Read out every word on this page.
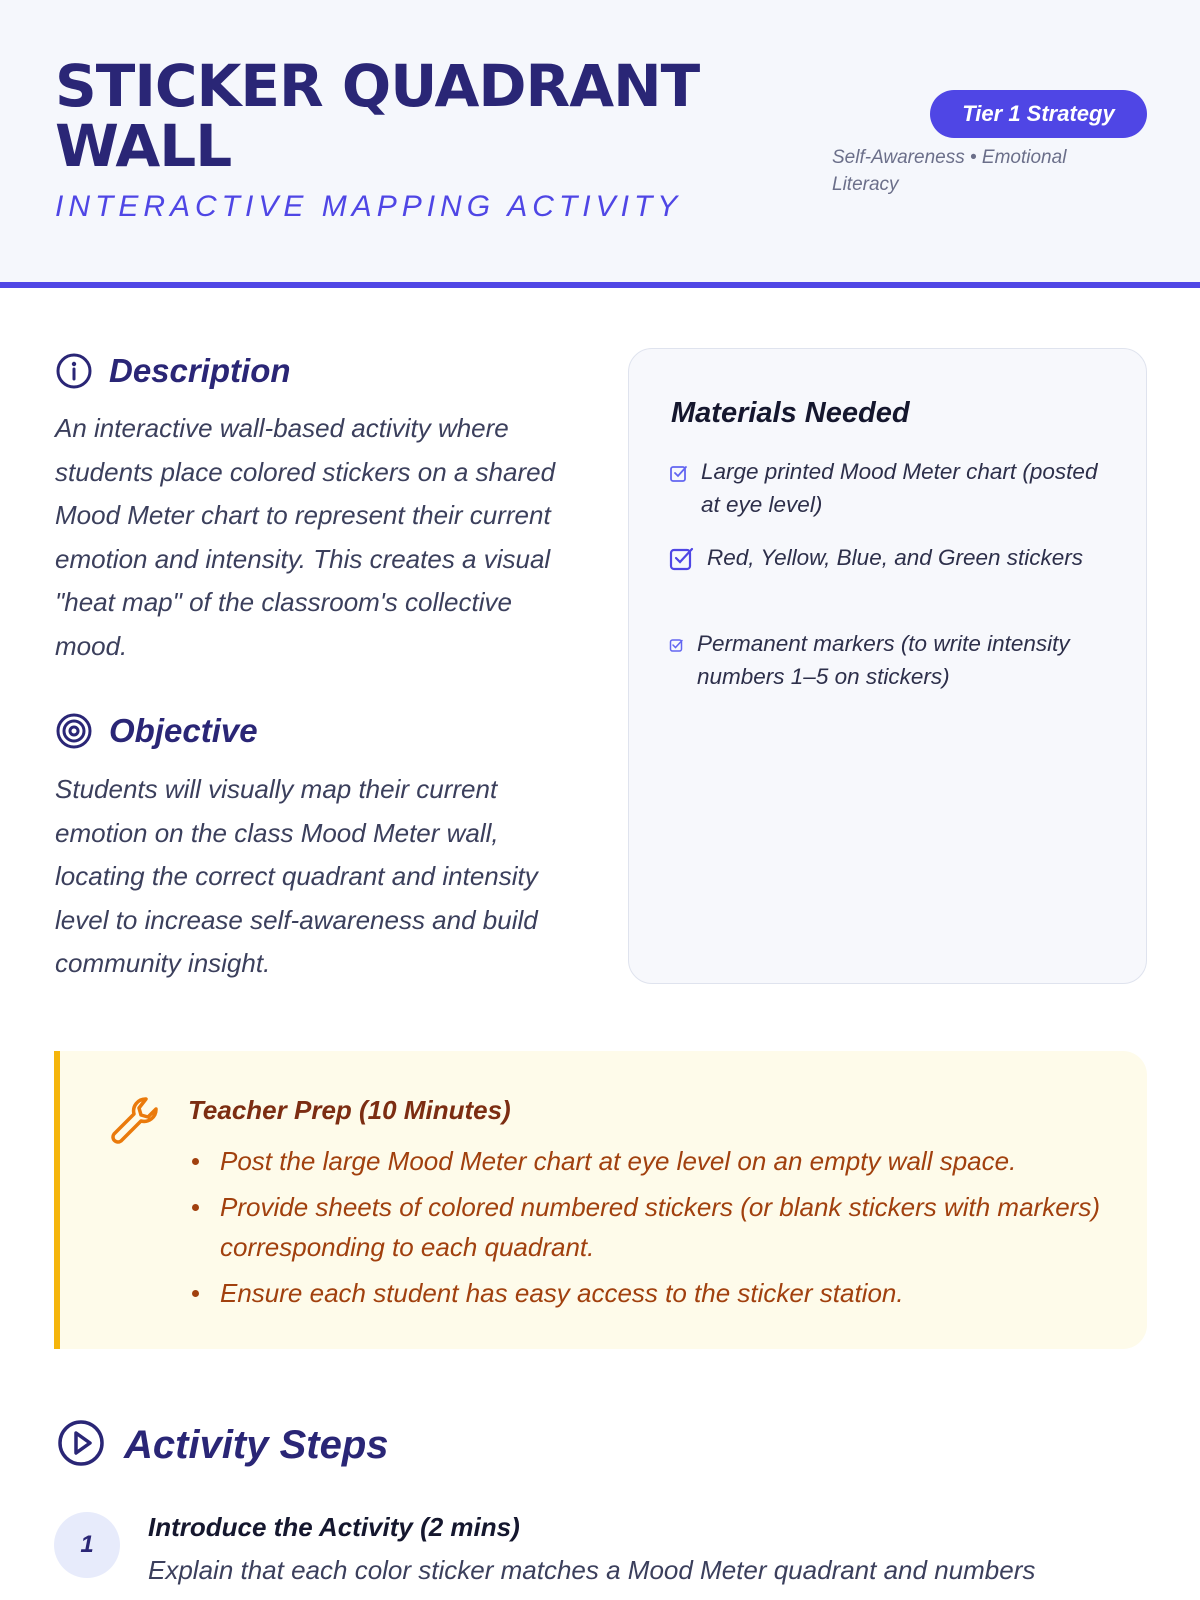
STICKER QUADRANT WALL
INTERACTIVE MAPPING ACTIVITY
Tier 1 Strategy
Self-Awareness • Emotional Literacy
Description
An interactive wall-based activity where students place colored stickers on a shared Mood Meter chart to represent their current emotion and intensity. This creates a visual "heat map" of the classroom's collective mood.
Objective
Students will visually map their current emotion on the class Mood Meter wall, locating the correct quadrant and intensity level to increase self-awareness and build community insight.
Materials Needed
Large printed Mood Meter chart (posted at eye level)
Red, Yellow, Blue, and Green stickers
Permanent markers (to write intensity numbers 1–5 on stickers)
Teacher Prep (10 Minutes)
Post the large Mood Meter chart at eye level on an empty wall space.
Provide sheets of colored numbered stickers (or blank stickers with markers) corresponding to each quadrant.
Ensure each student has easy access to the sticker station.
Activity Steps
1
Introduce the Activity (2 mins)

Explain that each color sticker matches a Mood Meter quadrant and numbers
